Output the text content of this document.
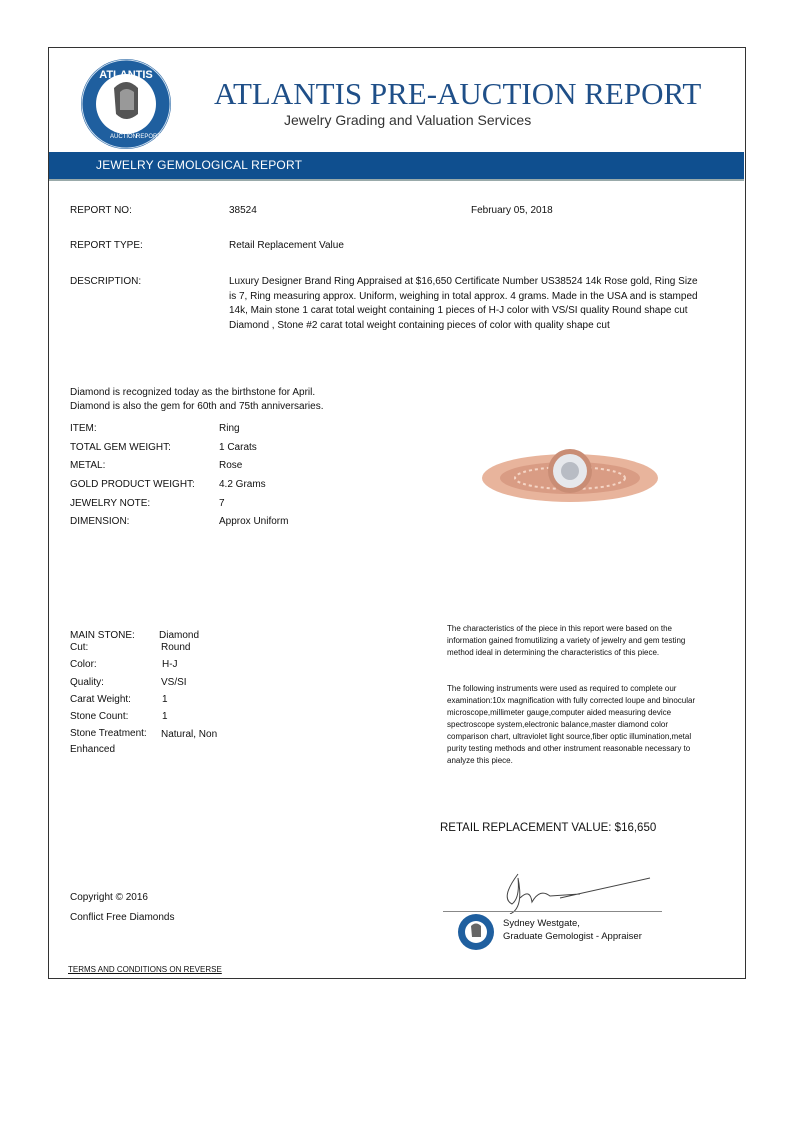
ATLANTIS
AUCTION REPORT
ATLANTIS PRE-AUCTION REPORT
Jewelry Grading and Valuation Services
JEWELRY GEMOLOGICAL REPORT
REPORT NO:	38524	February 05, 2018
REPORT TYPE:	Retail Replacement Value
DESCRIPTION:	Luxury Designer Brand Ring Appraised at $16,650 Certificate Number US38524 14k Rose gold, Ring Size is 7, Ring measuring approx. Uniform, weighing in total approx. 4 grams. Made in the USA and is stamped 14k, Main stone 1 carat total weight containing 1 pieces of H-J color with VS/SI quality Round shape cut Diamond , Stone #2 carat total weight containing pieces of color with quality shape cut
Diamond is recognized today as the birthstone for April.
Diamond is also the gem for 60th and 75th anniversaries.
ITEM:	Ring
TOTAL GEM WEIGHT:	1 Carats
METAL:	Rose
GOLD PRODUCT WEIGHT: 4.2 Grams
JEWELRY NOTE:	7
DIMENSION:	Approx Uniform
MAIN STONE: Diamond
Cut:	Round
Color:	H-J
Quality:	VS/SI
Carat Weight:	1
Stone Count:	1
Stone Treatment:	Natural, Non Enhanced
The characteristics of the piece in this report were based on the information gained fromutilizing a variety of jewelry and gem testing method ideal in determining the characteristics of this piece.
The following instruments were used as required to complete our examination:10x magnification with fully corrected loupe and binocular microscope,millimeter gauge,computer aided measuring device spectroscope system,electronic balance,master diamond color comparison chart, ultraviolet light source,fiber optic illumination,metal purity testing methods and other instrument reasonable necessary to analyze this piece.
RETAIL REPLACEMENT VALUE: $16,650
Copyright © 2016
Conflict Free Diamonds
Sydney Westgate,
Graduate Gemologist - Appraiser
TERMS AND CONDITIONS ON REVERSE
